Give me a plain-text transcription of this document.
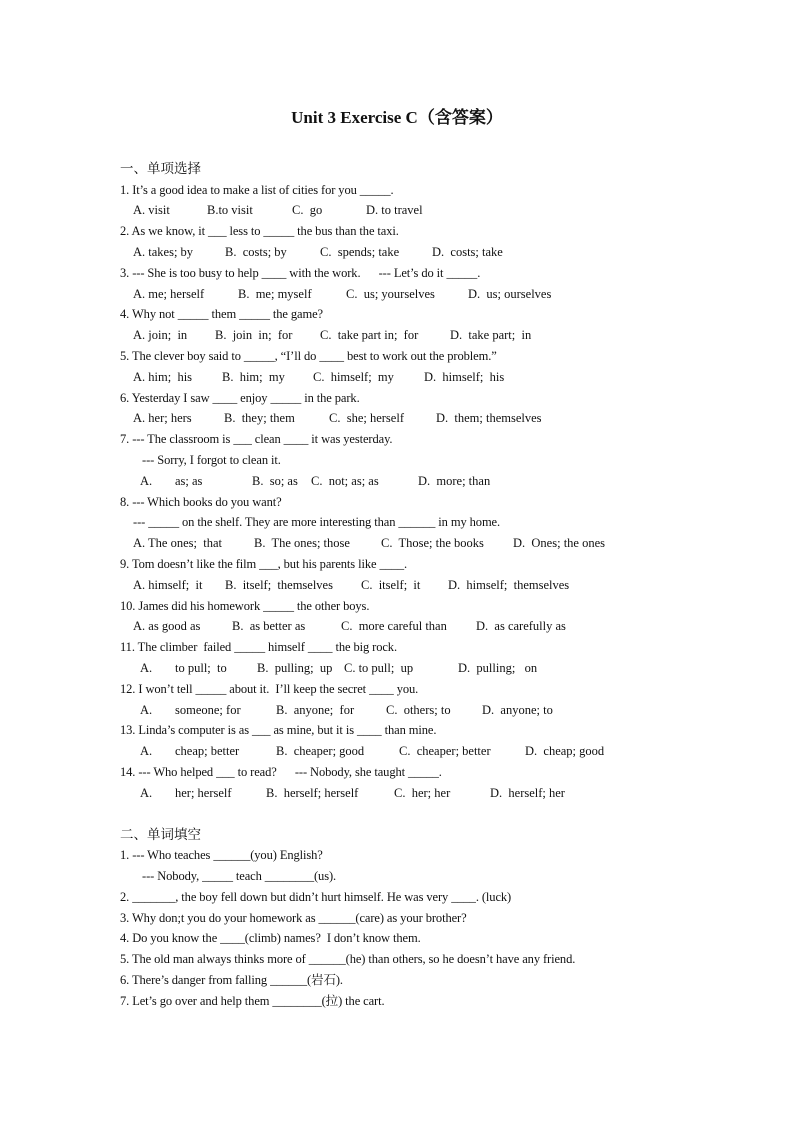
Unit 3 Exercise C（含答案）
一、单项选择
1. It’s a good idea to make a list of cities for you _____.
A. visit	B.to visit	C.  go	D. to travel
2. As we know, it ___ less to _____ the bus than the taxi.
A. takes; by	B.  costs; by	C.  spends; take	D.  costs; take
3. --- She is too busy to help ____ with the work.      --- Let’s do it _____.
A. me; herself	B.  me; myself	C.  us; yourselves	D.  us; ourselves
4. Why not _____ them _____ the game?
A. join;  in B.  join  in;  for C.  take part in;  for	D.  take part;  in
5. The clever boy said to _____, “I’ll do ____ best to work out the problem.”
A. him;  his B.  him;  my C.  himself;  my D.  himself;  his
6. Yesterday I saw ____ enjoy _____ in the park.
A. her; hers	B.  they; them	C.  she; herself	D.  them; themselves
7. --- The classroom is ___ clean ____ it was yesterday.
--- Sorry, I forgot to clean it.
A. as; as	B.  so; as C.  not; as; as	D.  more; than
8. --- Which books do you want?
--- _____ on the shelf. They are more interesting than ______ in my home.
A. The ones;  that	B.  The ones; those C.  Those; the books D.  Ones; the ones
9. Tom doesn’t like the film ___, but his parents like ____.
A. himself;  it B.  itself;  themselves C.  itself;  it D.  himself;  themselves
10. James did his homework _____ the other boys.
A. as good as	B.  as better as	C.  more careful than D.  as carefully as
11. The climber  failed _____ himself ____ the big rock.
A. to pull;  to B.  pulling;  up C. to pull;  up	D.  pulling;   on
12. I won’t tell _____ about it.  I’ll keep the secret ____ you.
A. someone; for	B.  anyone;  for	C.  others; to	D.  anyone; to
13. Linda’s computer is as ___ as mine, but it is ____ than mine.
A. cheap; better	B.  cheaper; good	C.  cheaper; better	D.  cheap; good
14. --- Who helped ___ to read?      --- Nobody, she taught _____.
A. her; herself	B.  herself; herself	C.  her; her	D.  herself; her
二、单词填空
1. --- Who teaches ______(you) English?
--- Nobody, _____ teach ________(us).
2. _______, the boy fell down but didn’t hurt himself. He was very ____. (luck)
3. Why don;t you do your homework as ______(care) as your brother?
4. Do you know the ____(climb) names?  I don’t know them.
5. The old man always thinks more of ______(he) than others, so he doesn’t have any friend.
6. There’s danger from falling ______(岩石).
7. Let’s go over and help them ________(拉) the cart.
